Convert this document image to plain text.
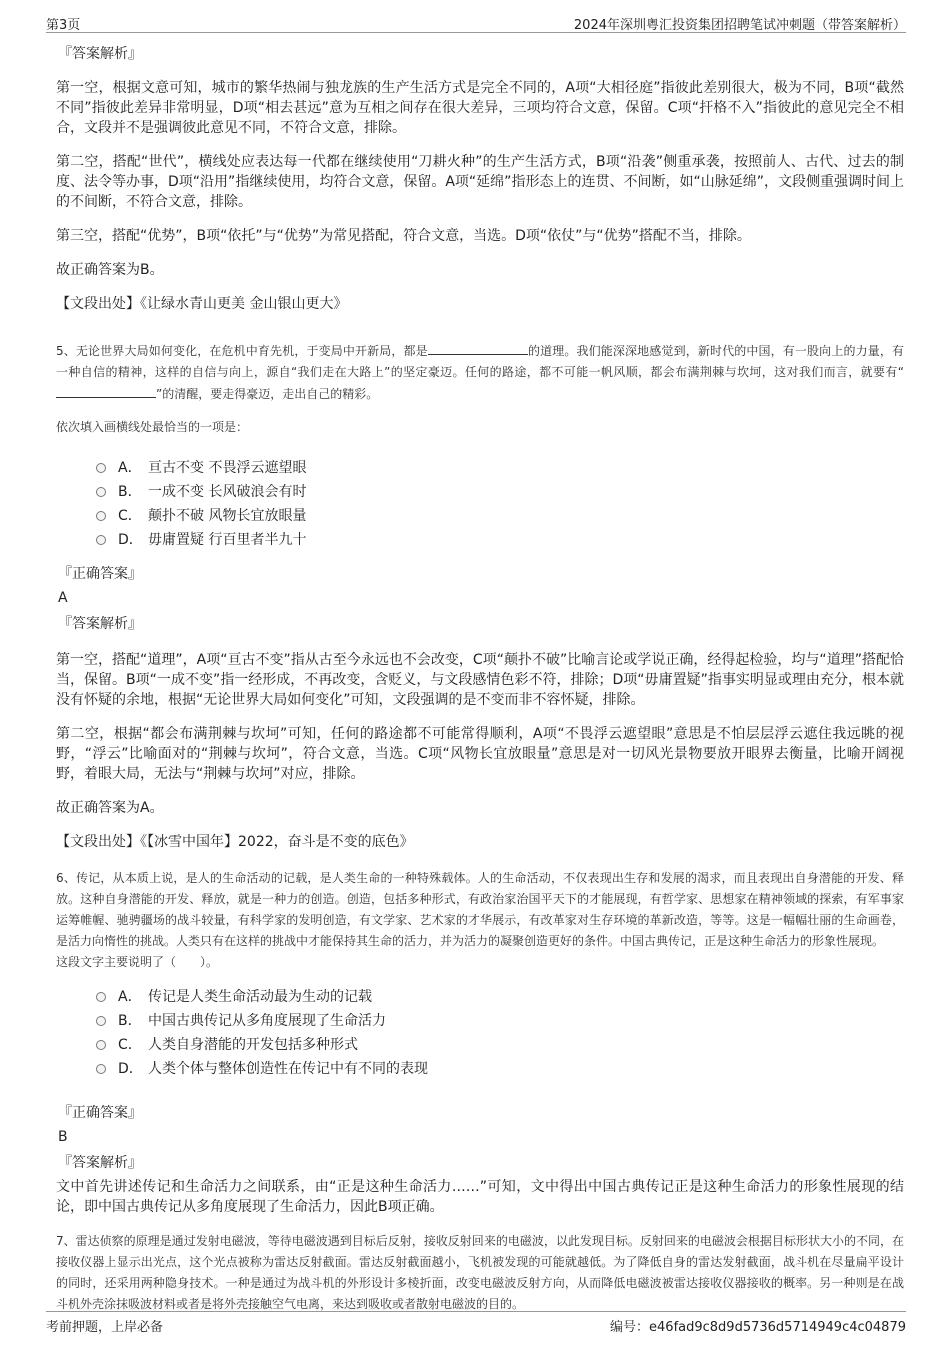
第3页	2024年深圳粤汇投资集团招聘笔试冲刺题（带答案解析）
『答案解析』

第一空，根据文意可知，城市的繁华热闹与独龙族的生产生活方式是完全不同的，A项“大相径庭”指彼此差别很大，极为不同，B项“截然不同”指彼此差异非常明显，D项“相去甚远”意为互相之间存在很大差异，三项均符合文意，保留。C项“扞格不入”指彼此的意见完全不相合，文段并不是强调彼此意见不同，不符合文意，排除。

第二空，搭配“世代”，横线处应表达每一代都在继续使用“刀耕火种”的生产生活方式，B项“沿袭”侧重承袭，按照前人、古代、过去的制度、法令等办事，D项“沿用”指继续使用，均符合文意，保留。A项“延绵”指形态上的连贯、不间断，如“山脉延绵”，文段侧重强调时间上的不间断，不符合文意，排除。

第三空，搭配“优势”，B项“依托”与“优势”为常见搭配，符合文意，当选。D项“依仗”与“优势”搭配不当，排除。

故正确答案为B。

【文段出处】《让绿水青山更美 金山银山更大》

5、无论世界大局如何变化，在危机中育先机，于变局中开新局，都是	的道理。我们能深深地感觉到，新时代的中国，有一股向上的力量，有一种自信的精神，这样的自信与向上，源自“我们走在大路上”的坚定豪迈。任何的路途，都不可能一帆风顺，都会布满荆棘与坎坷，这对我们而言，就要有“”的清醒，要走得豪迈，走出自己的精彩。

依次填入画横线处最恰当的一项是：

A． 亘古不变 不畏浮云遮望眼
B． 一成不变 长风破浪会有时
C． 颠扑不破 风物长宜放眼量
D． 毋庸置疑 行百里者半九十
『正确答案』
A
『答案解析』

第一空，搭配“道理”，A项“亘古不变”指从古至今永远也不会改变，C项“颠扑不破”比喻言论或学说正确，经得起检验，均与“道理”搭配恰当，保留。B项“一成不变”指一经形成，不再改变，含贬义，与文段感情色彩不符，排除；D项“毋庸置疑”指事实明显或理由充分，根本就没有怀疑的余地，根据“无论世界大局如何变化”可知，文段强调的是不变而非不容怀疑，排除。

第二空，根据“都会布满荆棘与坎坷”可知，任何的路途都不可能常得顺利，A项“不畏浮云遮望眼”意思是不怕层层浮云遮住我远眺的视野，“浮云”比喻面对的“荆棘与坎坷”，符合文意，当选。C项“风物长宜放眼量”意思是对一切风光景物要放开眼界去衡量，比喻开阔视野，着眼大局，无法与“荆棘与坎坷”对应，排除。

故正确答案为A。

【文段出处】《【冰雪中国年】2022，奋斗是不变的底色》

6、传记，从本质上说，是人的生命活动的记载，是人类生命的一种特殊载体。人的生命活动，不仅表现出生存和发展的渴求，而且表现出自身潜能的开发、释放。这种自身潜能的开发、释放，就是一种力的创造。创造，包括多种形式，有政治家治国平天下的才能展现，有哲学家、思想家在精神领域的探索，有军事家运筹帷幄、驰骋疆场的战斗较量，有科学家的发明创造，有文学家、艺术家的才华展示，有改革家对生存环境的革新改造，等等。这是一幅幅壮丽的生命画卷，是活力向惰性的挑战。人类只有在这样的挑战中才能保持其生命的活力，并为活力的凝聚创造更好的条件。中国古典传记，正是这种生命活力的形象性展现。

这段文字主要说明了（　　）。

A． 传记是人类生命活动最为生动的记载
B． 中国古典传记从多角度展现了生命活力
C． 人类自身潜能的开发包括多种形式
D． 人类个体与整体创造性在传记中有不同的表现
『正确答案』
B
『答案解析』

文中首先讲述传记和生命活力之间联系，由“正是这种生命活力……”可知，文中得出中国古典传记正是这种生命活力的形象性展现的结论，即中国古典传记从多角度展现了生命活力，因此B项正确。

7、雷达侦察的原理是通过发射电磁波，等待电磁波遇到目标后反射，接收反射回来的电磁波，以此发现目标。反射回来的电磁波会根据目标形状大小的不同，在接收仪器上显示出光点，这个光点被称为雷达反射截面。雷达反射截面越小，飞机被发现的可能就越低。为了降低自身的雷达发射截面，战斗机在尽量扁平设计的同时，还采用两种隐身技术。一种是通过为战斗机的外形设计多棱折面，改变电磁波反射方向，从而降低电磁波被雷达接收仪器接收的概率。另一种则是在战斗机外壳涂抹吸波材料或者是将外壳接触空气电离，来达到吸收或者散射电磁波的目的。

考前押题，上岸必备	编号：e46fad9c8d9d5736d5714949c4c04879
